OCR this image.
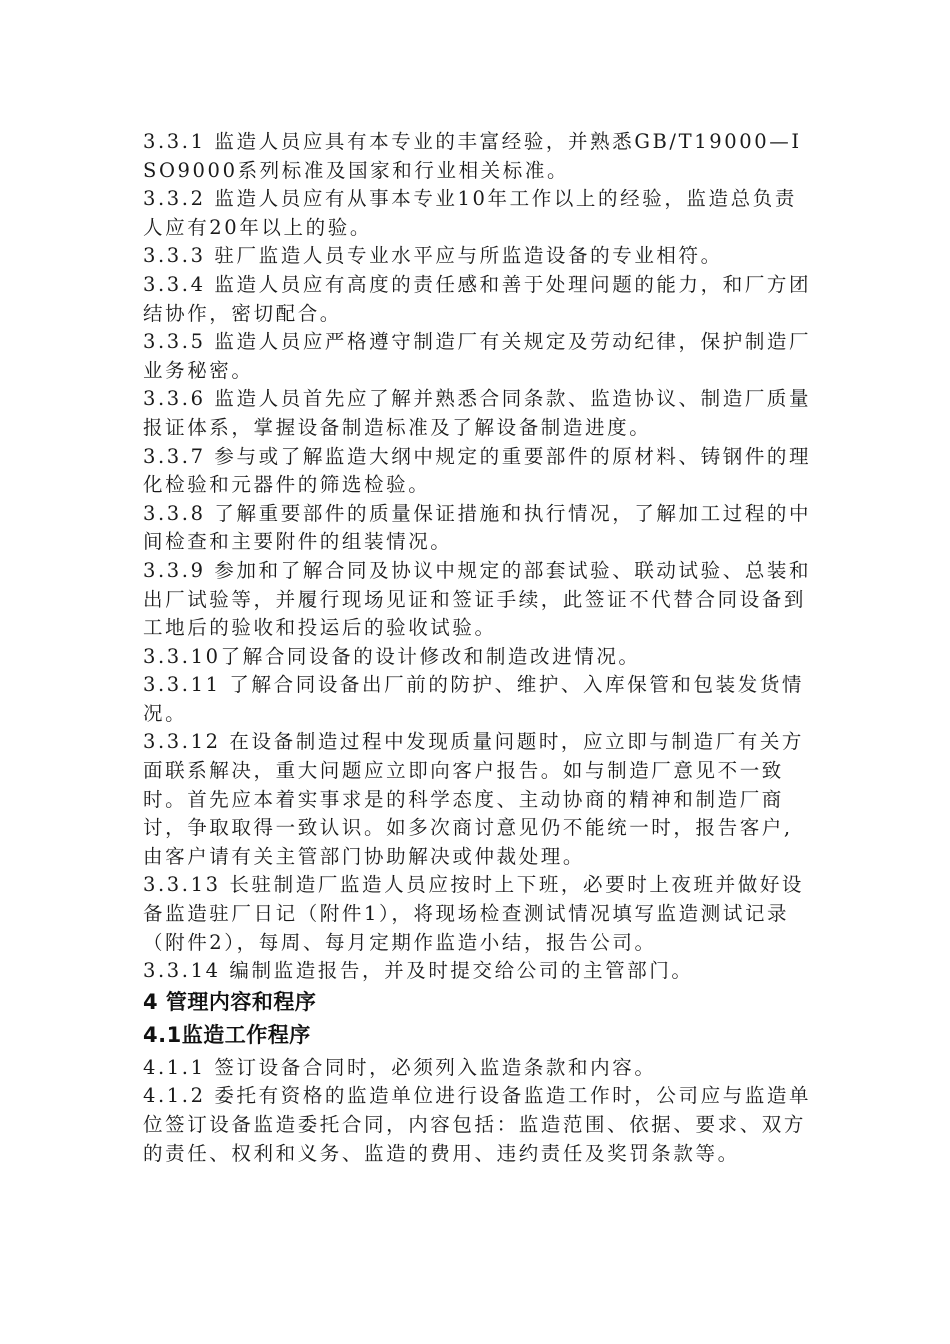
3.3.1 监造人员应具有本专业的丰富经验，并熟悉GB/T19000—ISO9000系列标准及国家和行业相关标准。

3.3.2 监造人员应有从事本专业10年工作以上的经验，监造总负责人应有20年以上的验。

3.3.3 驻厂监造人员专业水平应与所监造设备的专业相符。

3.3.4 监造人员应有高度的责任感和善于处理问题的能力，和厂方团结协作，密切配合。

3.3.5 监造人员应严格遵守制造厂有关规定及劳动纪律，保护制造厂业务秘密。

3.3.6 监造人员首先应了解并熟悉合同条款、监造协议、制造厂质量报证体系，掌握设备制造标准及了解设备制造进度。

3.3.7 参与或了解监造大纲中规定的重要部件的原材料、铸钢件的理化检验和元器件的筛选检验。

3.3.8 了解重要部件的质量保证措施和执行情况，了解加工过程的中间检查和主要附件的组装情况。

3.3.9 参加和了解合同及协议中规定的部套试验、联动试验、总装和出厂试验等，并履行现场见证和签证手续，此签证不代替合同设备到工地后的验收和投运后的验收试验。

3.3.10了解合同设备的设计修改和制造改进情况。

3.3.11 了解合同设备出厂前的防护、维护、入库保管和包装发货情况。

3.3.12 在设备制造过程中发现质量问题时，应立即与制造厂有关方面联系解决，重大问题应立即向客户报告。如与制造厂意见不一致时。首先应本着实事求是的科学态度、主动协商的精神和制造厂商讨，争取取得一致认识。如多次商讨意见仍不能统一时，报告客户,由客户请有关主管部门协助解决或仲裁处理。

3.3.13 长驻制造厂监造人员应按时上下班，必要时上夜班并做好设备监造驻厂日记（附件1），将现场检查测试情况填写监造测试记录（附件2），每周、每月定期作监造小结，报告公司。

3.3.14 编制监造报告，并及时提交给公司的主管部门。

4 管理内容和程序
4.1监造工作程序

4.1.1 签订设备合同时，必须列入监造条款和内容。

4.1.2 委托有资格的监造单位进行设备监造工作时，公司应与监造单位签订设备监造委托合同，内容包括：监造范围、依据、要求、双方的责任、权利和义务、监造的费用、违约责任及奖罚条款等。
